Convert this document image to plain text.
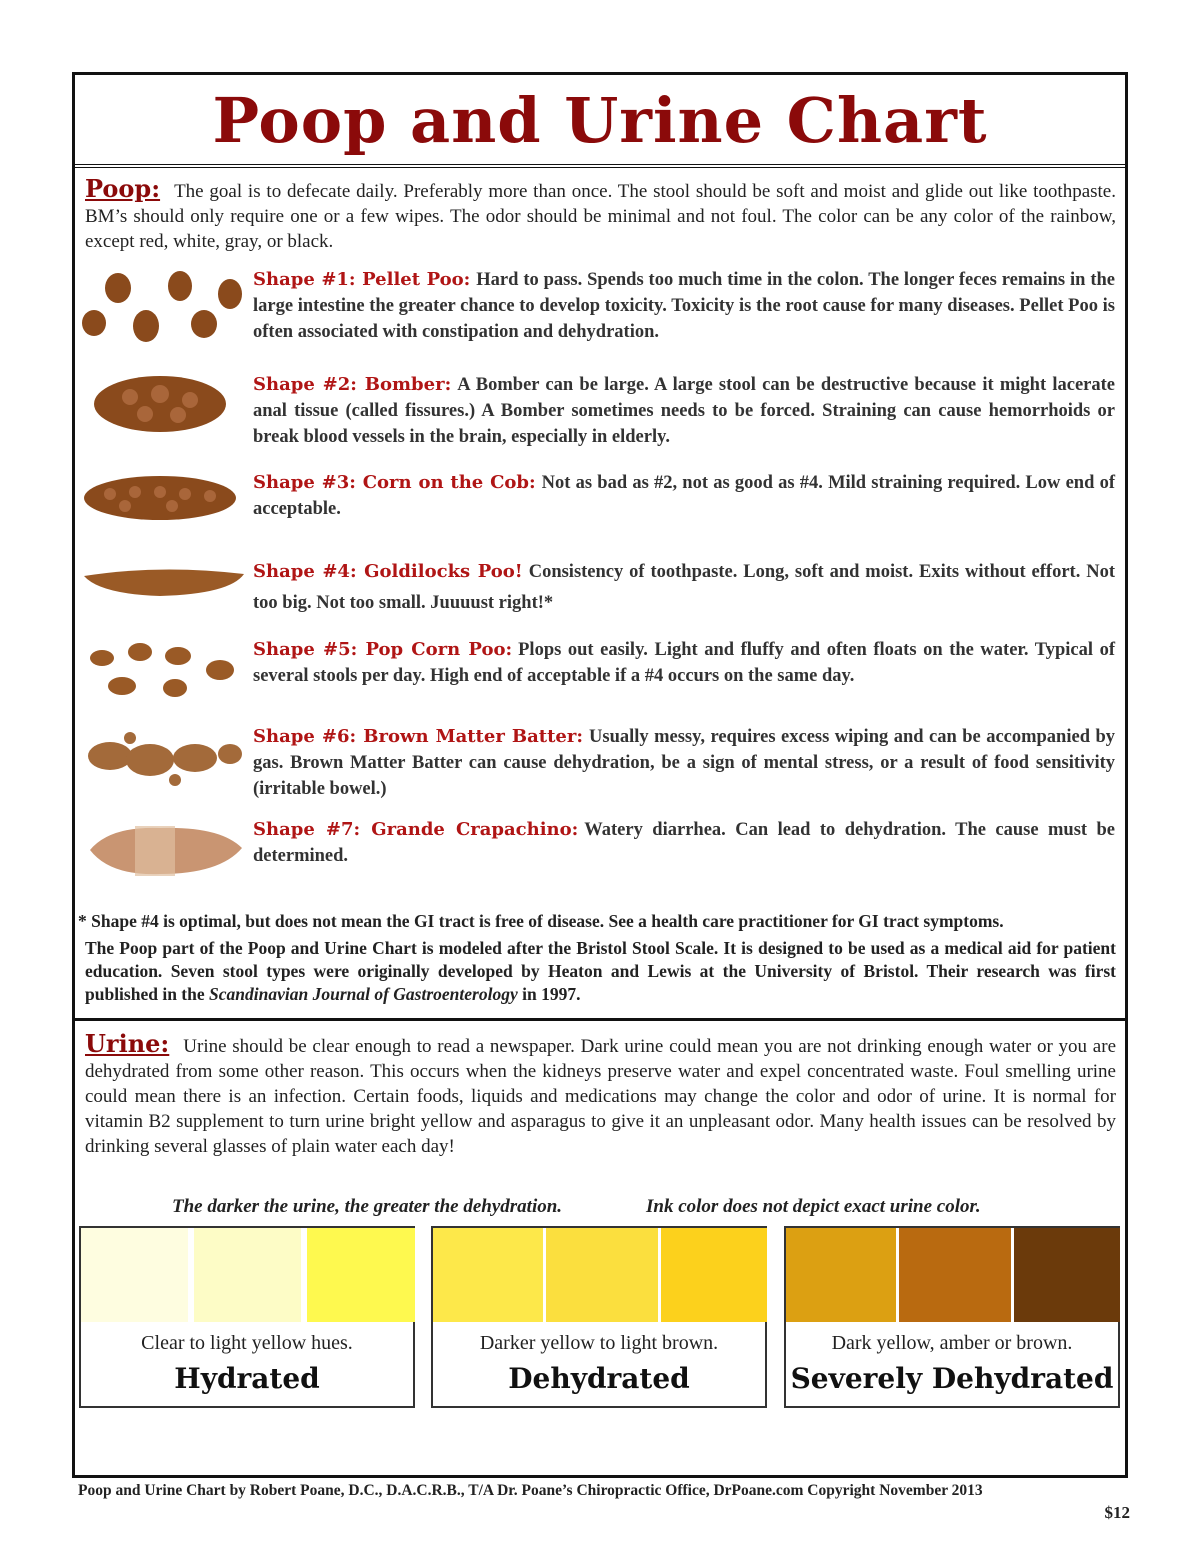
Poop and Urine Chart
Poop: The goal is to defecate daily. Preferably more than once. The stool should be soft and moist and glide out like toothpaste. BM’s should only require one or a few wipes. The odor should be minimal and not foul. The color can be any color of the rainbow, except red, white, gray, or black.
Shape #1: Pellet Poo: Hard to pass. Spends too much time in the colon. The longer feces remains in the large intestine the greater chance to develop toxicity. Toxicity is the root cause for many diseases. Pellet Poo is often associated with constipation and dehydration.
Shape #2: Bomber: A Bomber can be large. A large stool can be destructive because it might lacerate anal tissue (called fissures.) A Bomber sometimes needs to be forced. Straining can cause hemorrhoids or break blood vessels in the brain, especially in elderly.
Shape #3: Corn on the Cob: Not as bad as #2, not as good as #4. Mild straining required. Low end of acceptable.
Shape #4: Goldilocks Poo! Consistency of toothpaste. Long, soft and moist. Exits without effort. Not too big. Not too small. Juuuust right!*
Shape #5: Pop Corn Poo: Plops out easily. Light and fluffy and often floats on the water. Typical of several stools per day. High end of acceptable if a #4 occurs on the same day.
Shape #6: Brown Matter Batter: Usually messy, requires excess wiping and can be accompanied by gas. Brown Matter Batter can cause dehydration, be a sign of mental stress, or a result of food sensitivity (irritable bowel.)
Shape #7: Grande Crapachino: Watery diarrhea. Can lead to dehydration. The cause must be determined.
* Shape #4 is optimal, but does not mean the GI tract is free of disease. See a health care practitioner for GI tract symptoms.
The Poop part of the Poop and Urine Chart is modeled after the Bristol Stool Scale. It is designed to be used as a medical aid for patient education. Seven stool types were originally developed by Heaton and Lewis at the University of Bristol. Their research was first published in the Scandinavian Journal of Gastroenterology in 1997.
Urine: Urine should be clear enough to read a newspaper. Dark urine could mean you are not drinking enough water or you are dehydrated from some other reason. This occurs when the kidneys preserve water and expel concentrated waste. Foul smelling urine could mean there is an infection. Certain foods, liquids and medications may change the color and odor of urine. It is normal for vitamin B2 supplement to turn urine bright yellow and asparagus to give it an unpleasant odor. Many health issues can be resolved by drinking several glasses of plain water each day!
The darker the urine, the greater the dehydration.	Ink color does not depict exact urine color.
Clear to light yellow hues.
Hydrated
Darker yellow to light brown.
Dehydrated
Dark yellow, amber or brown.
Severely Dehydrated
Poop and Urine Chart by Robert Poane, D.C., D.A.C.R.B., T/A Dr. Poane’s Chiropractic Office, DrPoane.com Copyright November 2013
$12
